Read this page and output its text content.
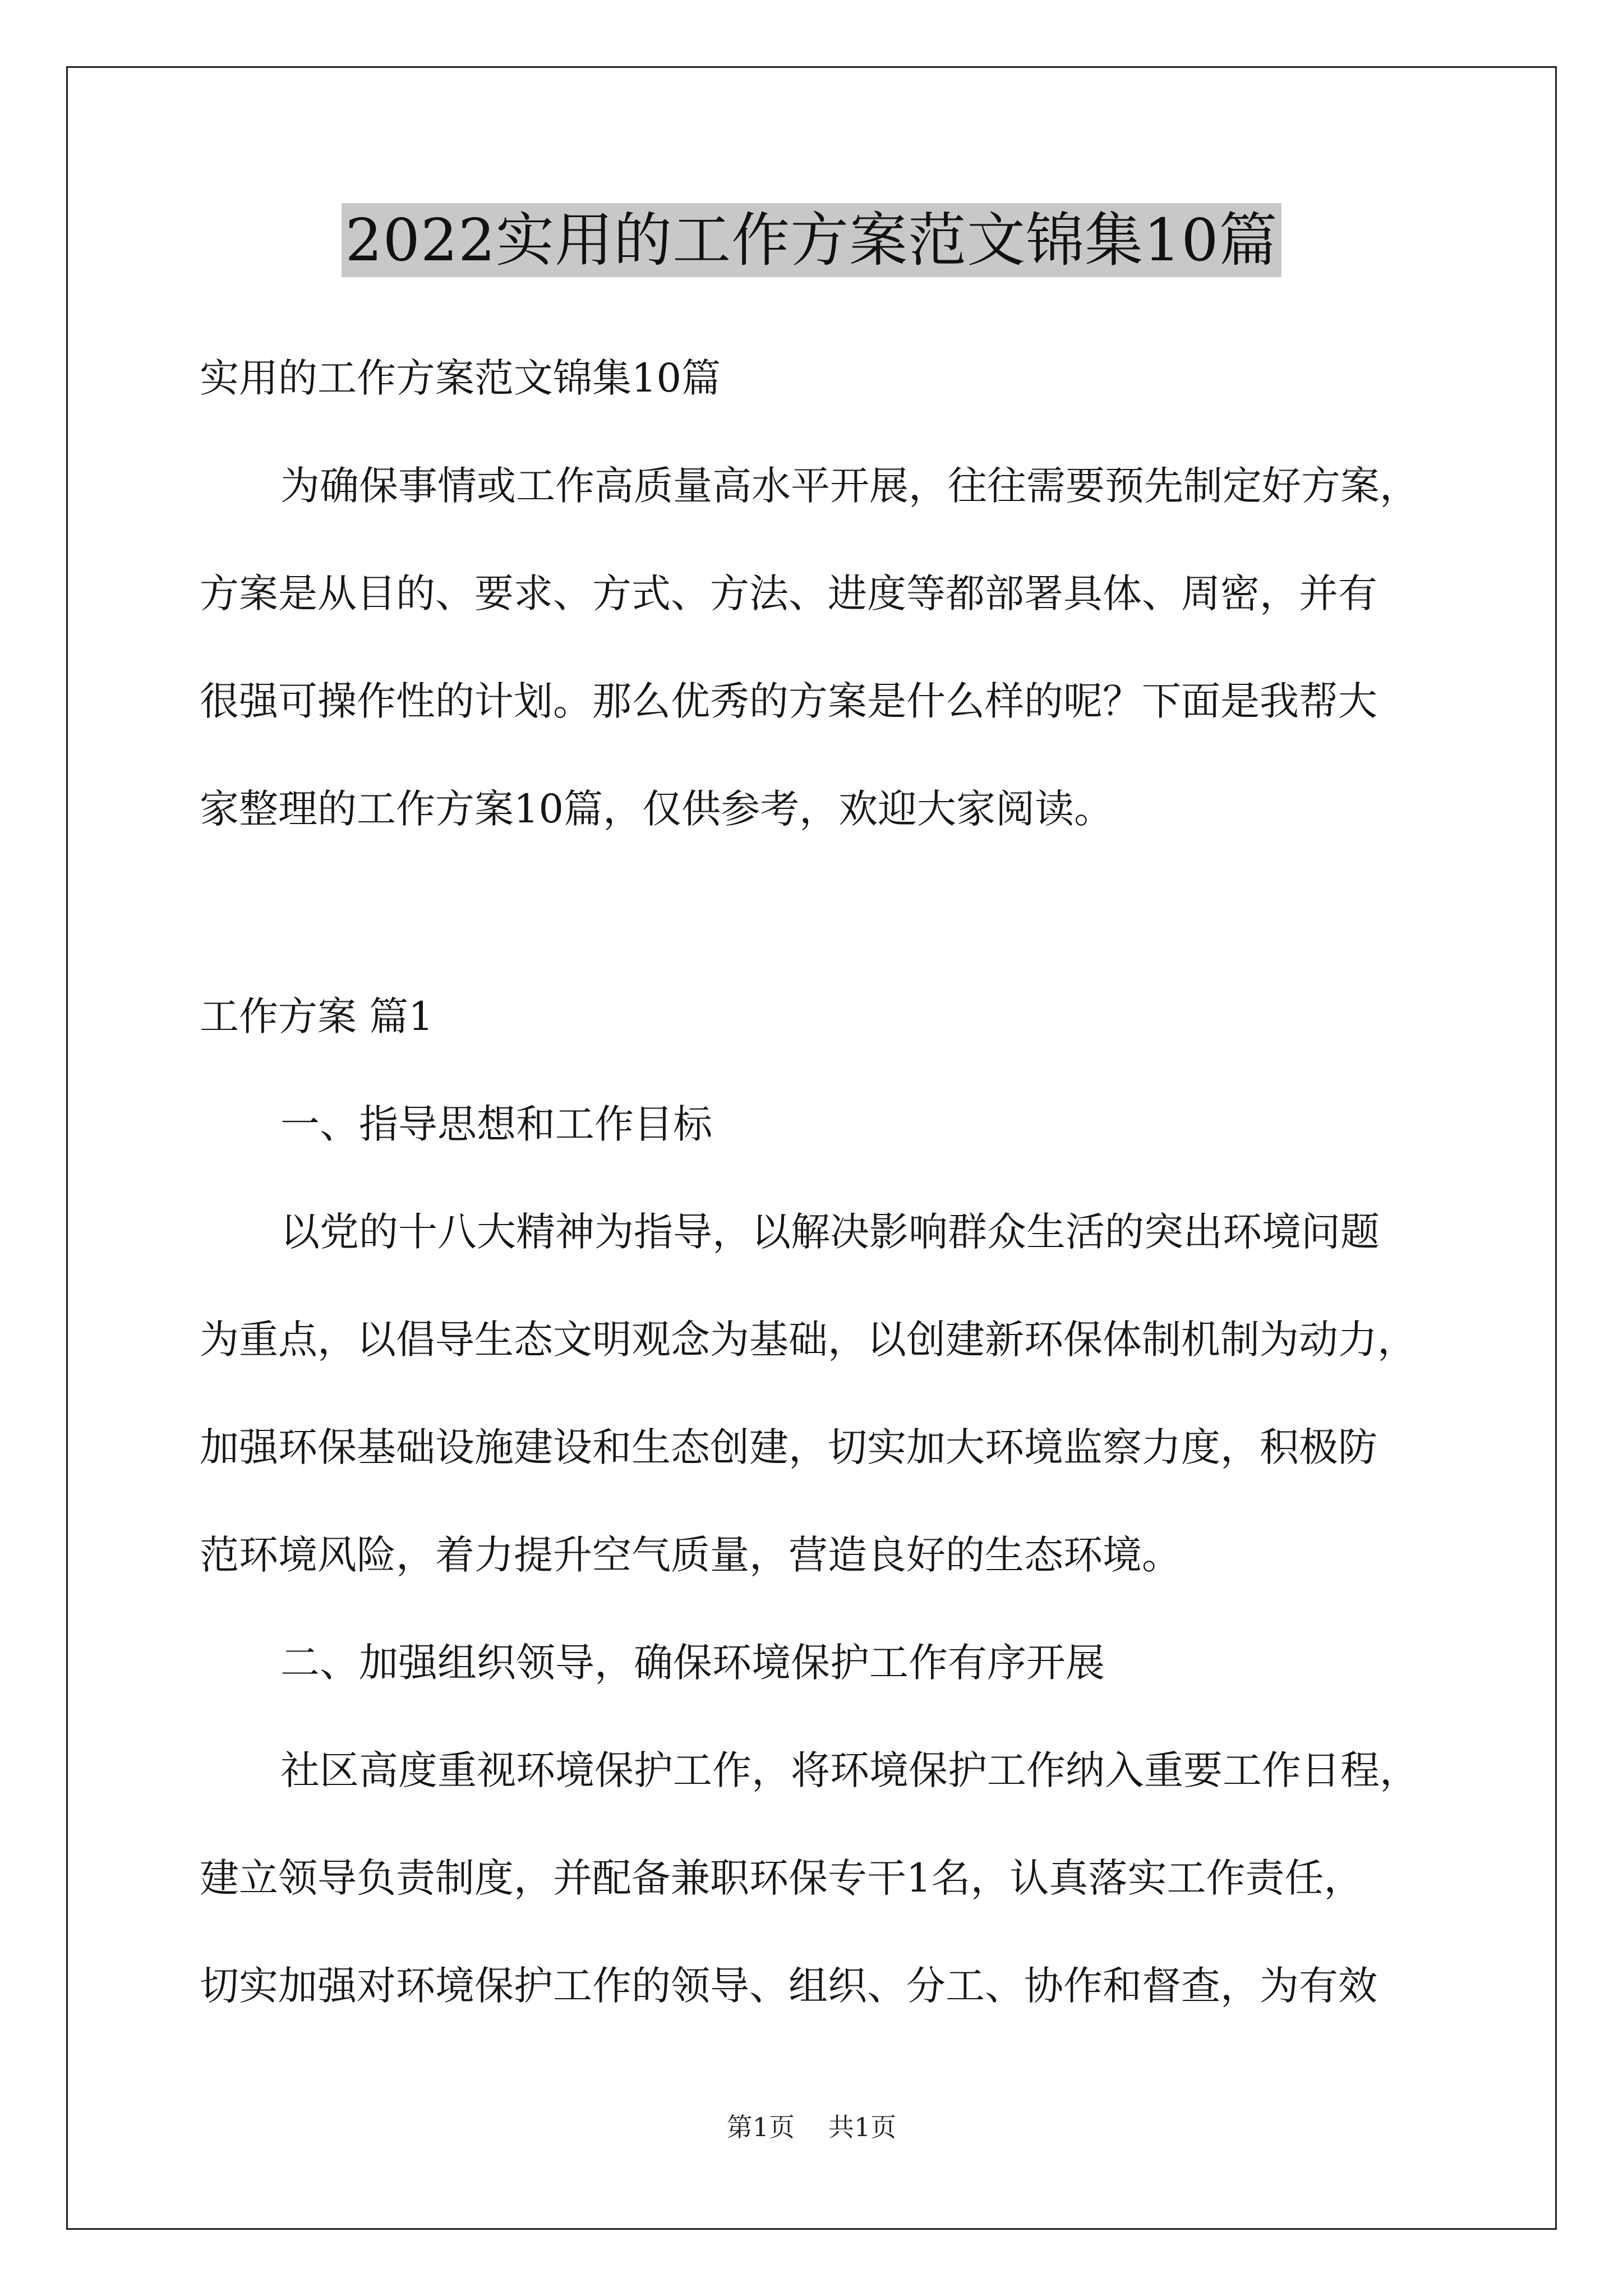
2022实用的工作方案范文锦集10篇
实用的工作方案范文锦集10篇
为确保事情或工作高质量高水平开展，往往需要预先制定好方案，
方案是从目的、要求、方式、方法、进度等都部署具体、周密，并有
很强可操作性的计划。那么优秀的方案是什么样的呢？下面是我帮大
家整理的工作方案10篇，仅供参考，欢迎大家阅读。
工作方案 篇1
一、指导思想和工作目标
以党的十八大精神为指导，以解决影响群众生活的突出环境问题
为重点，以倡导生态文明观念为基础，以创建新环保体制机制为动力，
加强环保基础设施建设和生态创建，切实加大环境监察力度，积极防
范环境风险，着力提升空气质量，营造良好的生态环境。
二、加强组织领导，确保环境保护工作有序开展
社区高度重视环境保护工作，将环境保护工作纳入重要工作日程，
建立领导负责制度，并配备兼职环保专干1名，认真落实工作责任，
切实加强对环境保护工作的领导、组织、分工、协作和督查，为有效
第1页 共1页
